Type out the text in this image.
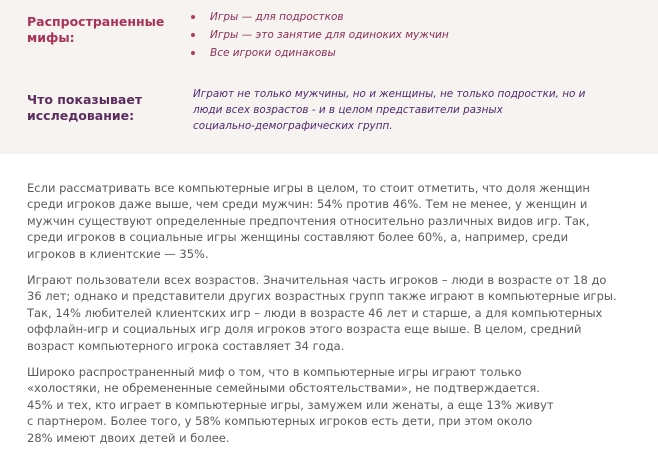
Распространенные
мифы:
Игры — для подростков
Игры — это занятие для одиноких мужчин
Все игроки одинаковы
Что показывает
исследование:
Играют не только мужчины, но и женщины, не только подростки, но и
люди всех возрастов - и в целом представители разных
социально-демографических групп.

Если рассматривать все компьютерные игры в целом, то стоит отметить, что доля женщин
среди игроков даже выше, чем среди мужчин: 54% против 46%. Тем не менее, у женщин и
мужчин существуют определенные предпочтения относительно различных видов игр. Так,
среди игроков в социальные игры женщины составляют более 60%, а, например, среди
игроков в клиентские — 35%.

Играют пользователи всех возрастов. Значительная часть игроков – люди в возрасте от 18 до
36 лет; однако и представители других возрастных групп также играют в компьютерные игры.
Так, 14% любителей клиентских игр – люди в возрасте 46 лет и старше, а для компьютерных
оффлайн-игр и социальных игр доля игроков этого возраста еще выше. В целом, средний
возраст компьютерного игрока составляет 34 года.

Широко распространенный миф о том, что в компьютерные игры играют только
«холостяки, не обремененные семейными обстоятельствами», не подтверждается.
45% и тех, кто играет в компьютерные игры, замужем или женаты, а еще 13% живут
с партнером. Более того, у 58% компьютерных игроков есть дети, при этом около
28% имеют двоих детей и более.
